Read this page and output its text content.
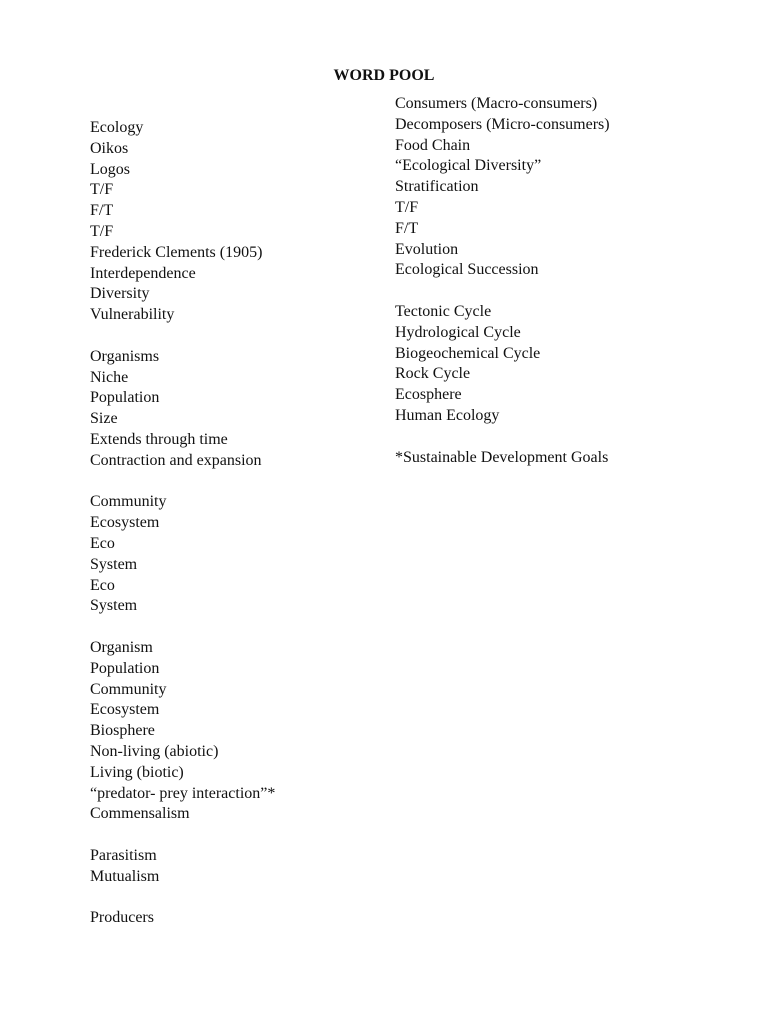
WORD POOL
Ecology
Oikos
Logos
T/F
F/T
T/F
Frederick Clements (1905)
Interdependence
Diversity
Vulnerability
Organisms
Niche
Population
Size
Extends through time
Contraction and expansion
Community
Ecosystem
Eco
System
Eco
System
Organism
Population
Community
Ecosystem
Biosphere
Non-living (abiotic)
Living (biotic)
“predator- prey interaction”*
Commensalism
Parasitism
Mutualism
Producers
Consumers (Macro-consumers)
Decomposers (Micro-consumers)
Food Chain
“Ecological Diversity”
Stratification
T/F
F/T
Evolution
Ecological Succession
Tectonic Cycle
Hydrological Cycle
Biogeochemical Cycle
Rock Cycle
Ecosphere
Human Ecology
*Sustainable Development Goals
